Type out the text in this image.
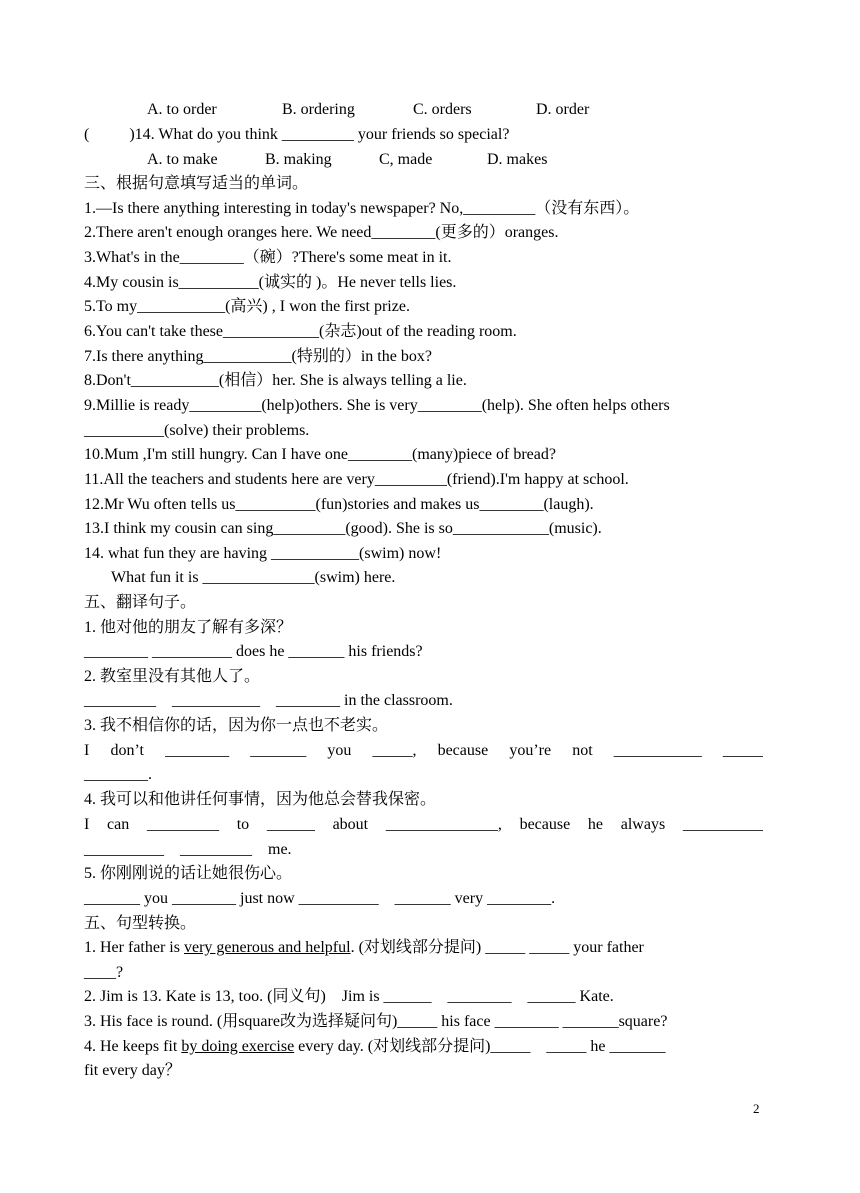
A. to order	B. ordering	C. orders	D. order
(          )14. What do you think _________ your friends so special?
A. to make	B. making	C, made	D. makes
三、根据句意填写适当的单词。
1.—Is there anything interesting in today's newspaper? No,_________（没有东西）。
2.There aren't enough oranges here. We need________(更多的）oranges.
3.What's in the________（碗）?There's some meat in it.
4.My cousin is__________(诚实的 )。He never tells lies.
5.To my___________(高兴) , I won the first prize.
6.You can't take these____________(杂志)out of the reading room.
7.Is there anything___________(特别的）in the box?
8.Don't___________(相信）her. She is always telling a lie.
9.Millie is ready_________(help)others. She is very________(help). She often helps others
__________(solve) their problems.
10.Mum ,I'm still hungry. Can I have one________(many)piece of bread?
11.All the teachers and students here are very_________(friend).I'm happy at school.
12.Mr Wu often tells us__________(fun)stories and makes us________(laugh).
13.I think my cousin can sing_________(good). She is so____________(music).
14. what fun they are having ___________(swim) now!
What fun it is ______________(swim) here.
五、翻译句子。
1. 他对他的朋友了解有多深？
________ __________ does he _______ his friends?
2. 教室里没有其他人了。
_________    ___________    ________ in the classroom.
3. 我不相信你的话，因为你一点也不老实。
I don’t ________ _______ you _____, because you’re not ___________ _____
________.
4. 我可以和他讲任何事情，因为他总会替我保密。
I can _________ to ______ about ______________, because he always __________
__________    _________    me.
5. 你刚刚说的话让她很伤心。
_______ you ________ just now __________    _______ very ________.
五、句型转换。
1. Her father is very generous and helpful. (对划线部分提问) _____ _____ your father
____?
2. Jim is 13. Kate is 13, too. (同义句)    Jim is ______    ________    ______ Kate.
3. His face is round. (用square改为选择疑问句)_____ his face ________ _______square?
4. He keeps fit by doing exercise every day. (对划线部分提问)_____    _____ he _______
fit every day？
2
